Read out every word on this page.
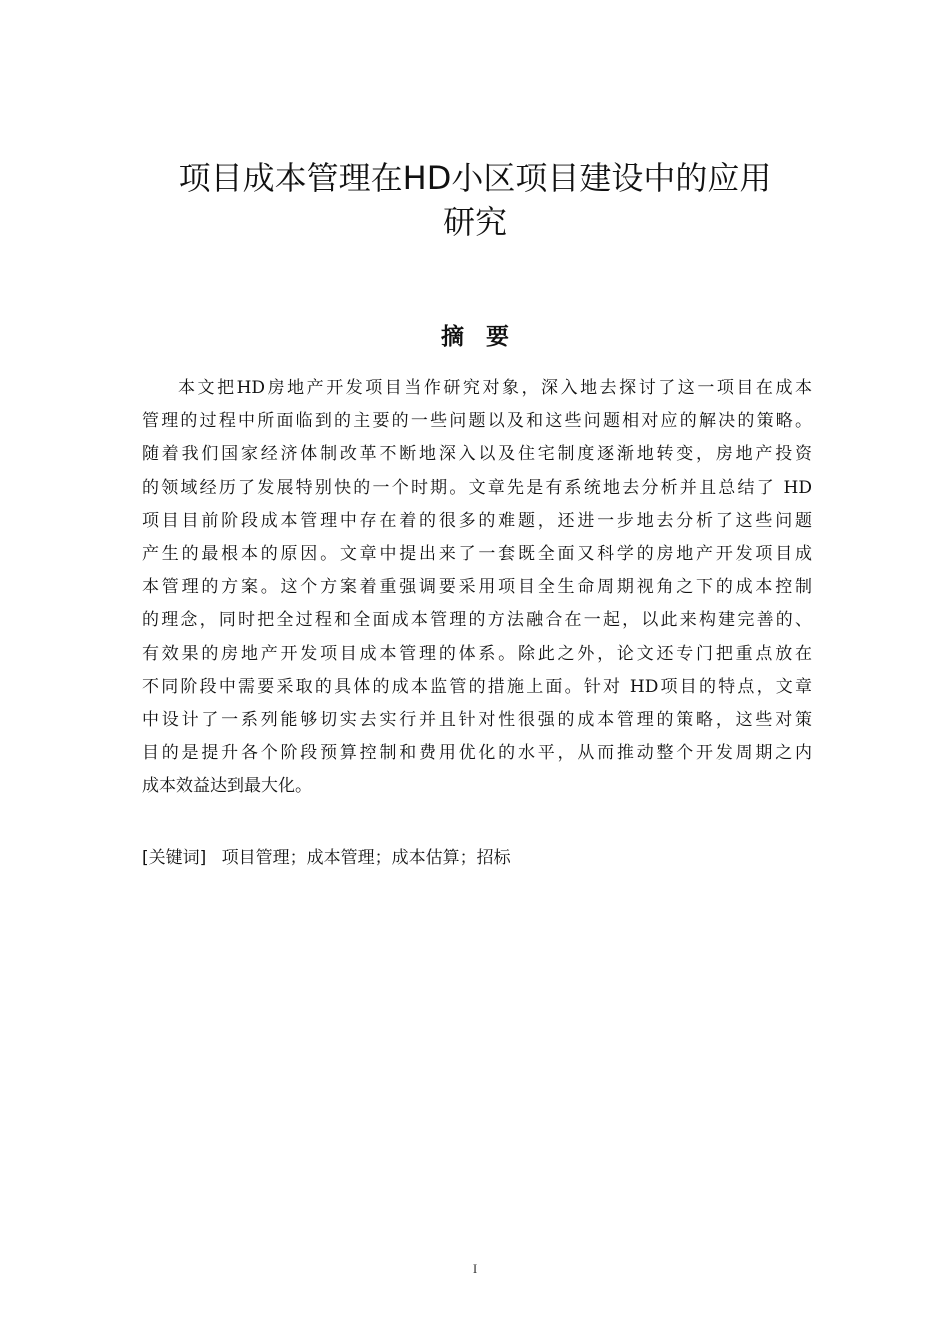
项目成本管理在HD小区项目建设中的应用
研究
摘要
本文把HD房地产开发项目当作研究对象，深入地去探讨了这一项目在成本
管理的过程中所面临到的主要的一些问题以及和这些问题相对应的解决的策略。
随着我们国家经济体制改革不断地深入以及住宅制度逐渐地转变，房地产投资
的领域经历了发展特别快的一个时期。文章先是有系统地去分析并且总结了 HD
项目目前阶段成本管理中存在着的很多的难题，还进一步地去分析了这些问题
产生的最根本的原因。文章中提出来了一套既全面又科学的房地产开发项目成
本管理的方案。这个方案着重强调要采用项目全生命周期视角之下的成本控制
的理念，同时把全过程和全面成本管理的方法融合在一起，以此来构建完善的、
有效果的房地产开发项目成本管理的体系。除此之外，论文还专门把重点放在
不同阶段中需要采取的具体的成本监管的措施上面。针对 HD项目的特点，文章
中设计了一系列能够切实去实行并且针对性很强的成本管理的策略，这些对策
目的是提升各个阶段预算控制和费用优化的水平，从而推动整个开发周期之内
成本效益达到最大化。
[关键词] 项目管理；成本管理；成本估算；招标
I
